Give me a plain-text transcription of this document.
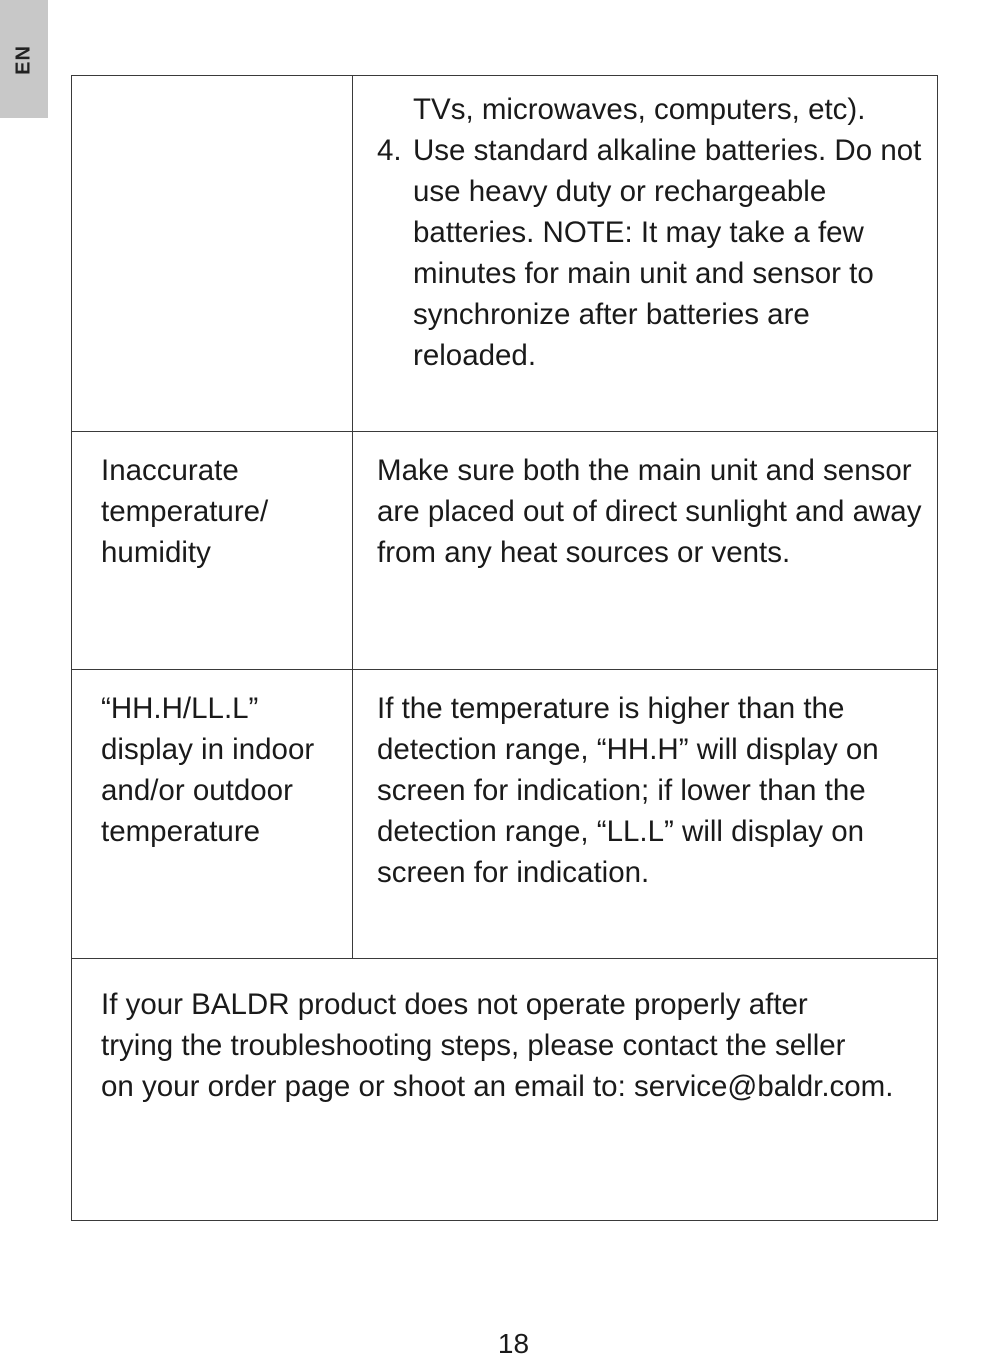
EN

	TVs, microwaves, computers, etc).
4. Use standard alkaline batteries. Do not use heavy duty or rechargeable batteries. NOTE: It may take a few minutes for main unit and sensor to synchronize after batteries are reloaded.

Inaccurate temperature/ humidity	Make sure both the main unit and sensor are placed out of direct sunlight and away from any heat sources or vents.

“HH.H/LL.L” display in indoor and/or outdoor temperature	If the temperature is higher than the detection range, “HH.H” will display on screen for indication; if lower than the detection range, “LL.L” will display on screen for indication.

If your BALDR product does not operate properly after
trying the troubleshooting steps, please contact the seller
on your order page or shoot an email to: service@baldr.com.	
18
